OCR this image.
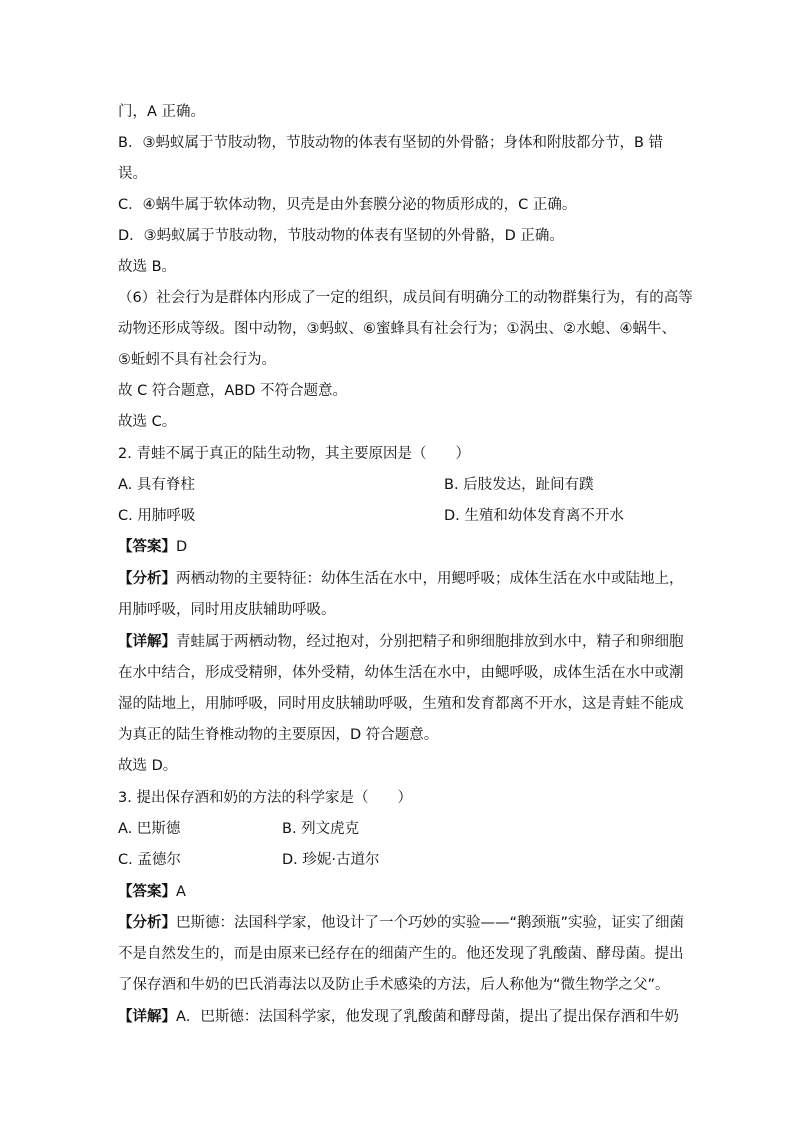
门，A 正确。
B．③蚂蚁属于节肢动物，节肢动物的体表有坚韧的外骨骼；身体和附肢都分节，B 错
误。
C．④蜗牛属于软体动物，贝壳是由外套膜分泌的物质形成的，C 正确。
D．③蚂蚁属于节肢动物，节肢动物的体表有坚韧的外骨骼，D 正确。
故选 B。
（6）社会行为是群体内形成了一定的组织，成员间有明确分工的动物群集行为，有的高等
动物还形成等级。图中动物，③蚂蚁、⑥蜜蜂具有社会行为；①涡虫、②水螅、④蜗牛、
⑤蚯蚓不具有社会行为。
故 C 符合题意，ABD 不符合题意。
故选 C。
2. 青蛙不属于真正的陆生动物，其主要原因是（　　）
A. 具有脊柱	B. 后肢发达，趾间有蹼
C. 用肺呼吸	D. 生殖和幼体发育离不开水
【答案】D
【分析】两栖动物的主要特征：幼体生活在水中，用鳃呼吸；成体生活在水中或陆地上，
用肺呼吸，同时用皮肤辅助呼吸。
【详解】青蛙属于两栖动物，经过抱对，分别把精子和卵细胞排放到水中，精子和卵细胞
在水中结合，形成受精卵，体外受精，幼体生活在水中，由鳃呼吸，成体生活在水中或潮
湿的陆地上，用肺呼吸，同时用皮肤辅助呼吸，生殖和发育都离不开水，这是青蛙不能成
为真正的陆生脊椎动物的主要原因，D 符合题意。
故选 D。
3. 提出保存酒和奶的方法的科学家是（　　）
A. 巴斯德	B. 列文虎克
C. 孟德尔	D. 珍妮·古道尔
【答案】A
【分析】巴斯德：法国科学家，他设计了一个巧妙的实验——“鹅颈瓶”实验，证实了细菌
不是自然发生的，而是由原来已经存在的细菌产生的。他还发现了乳酸菌、酵母菌。提出
了保存酒和牛奶的巴氏消毒法以及防止手术感染的方法，后人称他为“微生物学之父”。
【详解】A．巴斯德：法国科学家，他发现了乳酸菌和酵母菌，提出了提出保存酒和牛奶
